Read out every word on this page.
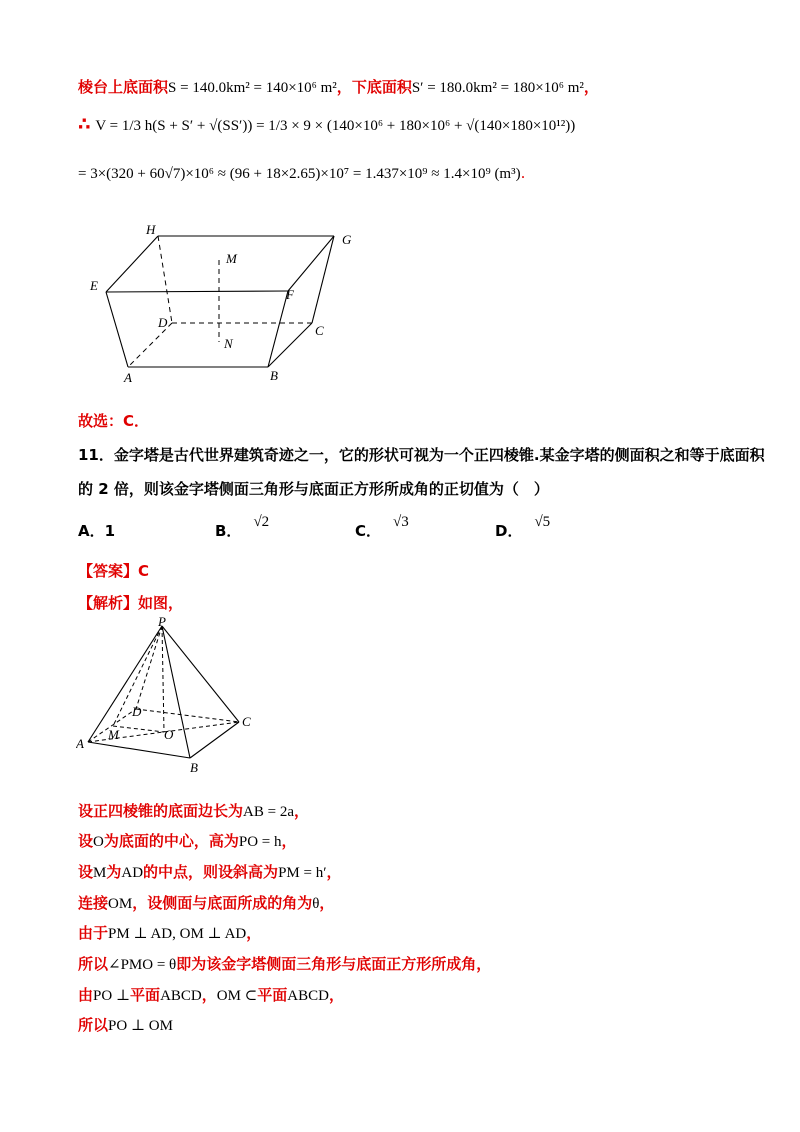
棱台上底面积S = 140.0km² = 140×10⁶ m²，下底面积S′ = 180.0km² = 180×10⁶ m²，
∴ V = 1/3 h(S + S′ + √(SS′)) = 1/3 × 9 × (140×10⁶ + 180×10⁶ + √(140×180×10¹²))
= 3×(320 + 60√7)×10⁶ ≈ (96 + 18×2.65)×10⁷ = 1.437×10⁹ ≈ 1.4×10⁹ (m³).
H
G
M
E
F
D
C
N
A	B
故选：C．
11．金字塔是古代世界建筑奇迹之一，它的形状可视为一个正四棱锥.某金字塔的侧面积之和等于底面积
的 2 倍，则该金字塔侧面三角形与底面正方形所成角的正切值为（　）
A．1	B． √2	C． √3	D． √5
【答案】C
【解析】如图，
P
D
C
M	O
A
B
设正四棱锥的底面边长为AB = 2a，
设O为底面的中心，高为PO = h，
设M为AD的中点，则设斜高为PM = h′，
连接OM，设侧面与底面所成的角为θ，
由于PM ⊥ AD, OM ⊥ AD，
所以∠PMO = θ即为该金字塔侧面三角形与底面正方形所成角，
由PO ⊥平面ABCD，OM ⊂平面ABCD，
所以PO ⊥ OM
